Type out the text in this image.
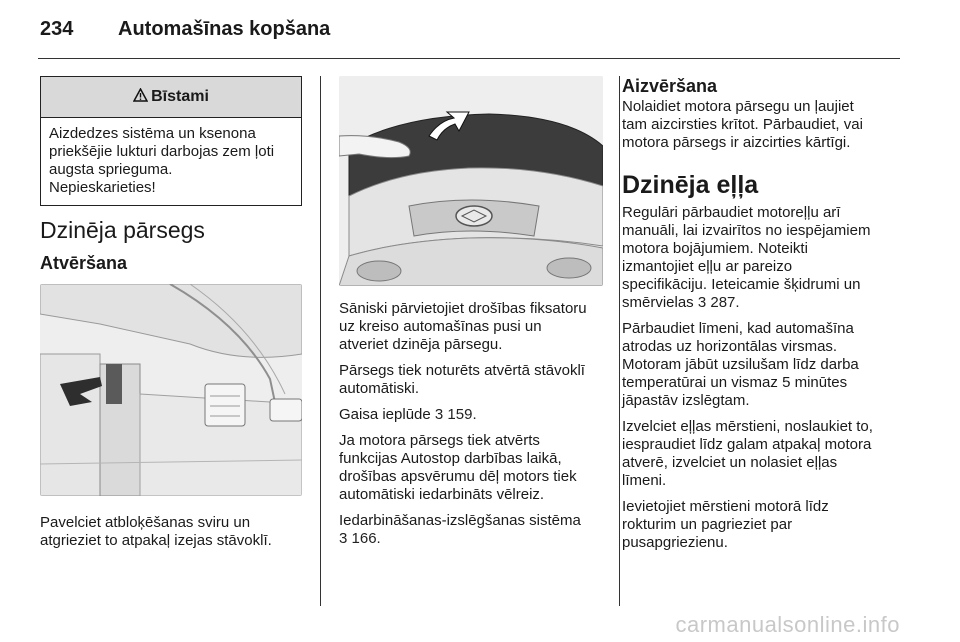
234 Automašīnas kopšana
Bīstami
Aizdedzes sistēma un ksenona
priekšējie lukturi darbojas zem ļoti
augsta sprieguma.
Nepieskarieties!
Dzinēja pārsegs
Atvēršana

Pavelciet atbloķēšanas sviru un
atgrieziet to atpakaļ izejas stāvoklī.

Sāniski pārvietojiet drošības fiksatoru
uz kreiso automašīnas pusi un
atveriet dzinēja pārsegu.

Pārsegs tiek noturēts atvērtā stāvoklī
automātiski.

Gaisa ieplūde 3 159.

Ja motora pārsegs tiek atvērts
funkcijas Autostop darbības laikā,
drošības apsvērumu dēļ motors tiek
automātiski iedarbināts vēlreiz.

Iedarbināšanas-izslēgšanas sistēma
3 166.

Aizvēršana

Nolaidiet motora pārsegu un ļaujiet
tam aizcirsties krītot. Pārbaudiet, vai
motora pārsegs ir aizcirties kārtīgi.

Dzinēja eļļa

Regulāri pārbaudiet motoreļļu arī
manuāli, lai izvairītos no iespējamiem
motora bojājumiem. Noteikti
izmantojiet eļļu ar pareizo
specifikāciju. Ieteicamie šķidrumi un
smērvielas 3 287.

Pārbaudiet līmeni, kad automašīna
atrodas uz horizontālas virsmas.
Motoram jābūt uzsilušam līdz darba
temperatūrai un vismaz 5 minūtes
jāpastāv izslēgtam.

Izvelciet eļļas mērstieni, noslaukiet to,
iespraudiet līdz galam atpakaļ motora
atverē, izvelciet un nolasiet eļļas
līmeni.

Ievietojiet mērstieni motorā līdz
rokturim un pagrieziet par
pusapgriezienu.

carmanualsonline.info
